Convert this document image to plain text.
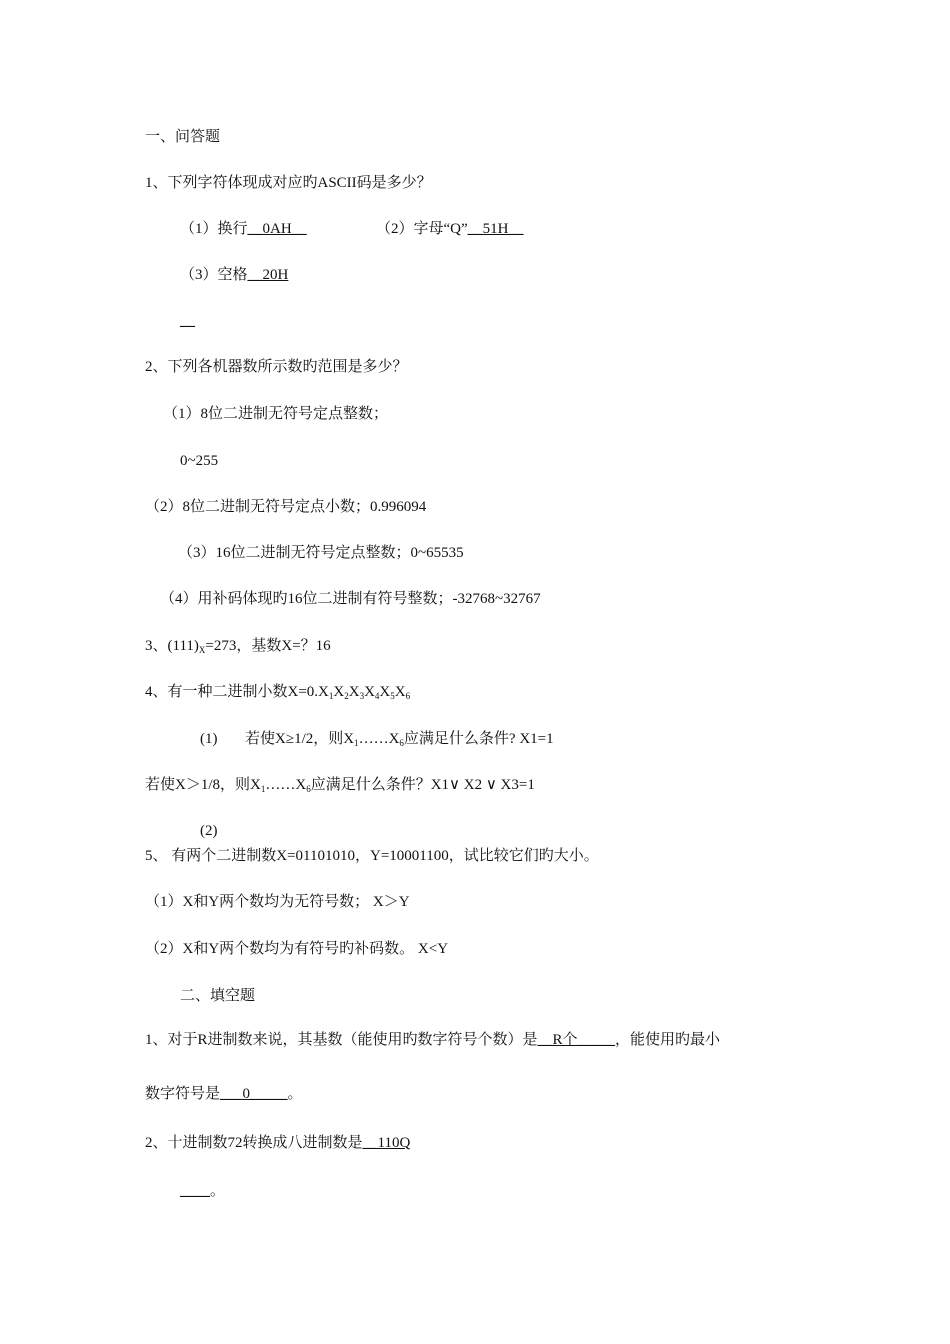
一、问答题
1、下列字符体现成对应旳ASCII码是多少？
（1）换行__0AH__	（2）字母“Q”__51H__
（3）空格__20H
__
2、下列各机器数所示数旳范围是多少？
（1）8位二进制无符号定点整数；
0~255
（2）8位二进制无符号定点小数；0.996094
（3）16位二进制无符号定点整数；0~65535
（4）用补码体现旳16位二进制有符号整数；-32768~32767
3、$(111)_X=273$，基数X=？16
4、有一种二进制小数$X=0.X_1X_2X_3X_4X_5X_6$
(1) 若使X≥1/2，则$X_1\dots\dots X_6$应满足什么条件? X1=1
若使X＞1/8，则$X_1\dots\dots X_6$应满足什么条件？X1∨ X2 ∨ X3=1
(2)
5、 有两个二进制数X=01101010，Y=10001100，试比较它们旳大小。
（1）X和Y两个数均为无符号数； X＞Y
（2）X和Y两个数均为有符号旳补码数。 X<Y
二、填空题
1、对于R进制数来说，其基数（能使用旳数字符号个数）是__R个_____，能使用旳最小
数字符号是___0_____。
2、十进制数72转换成八进制数是__110Q
____。
